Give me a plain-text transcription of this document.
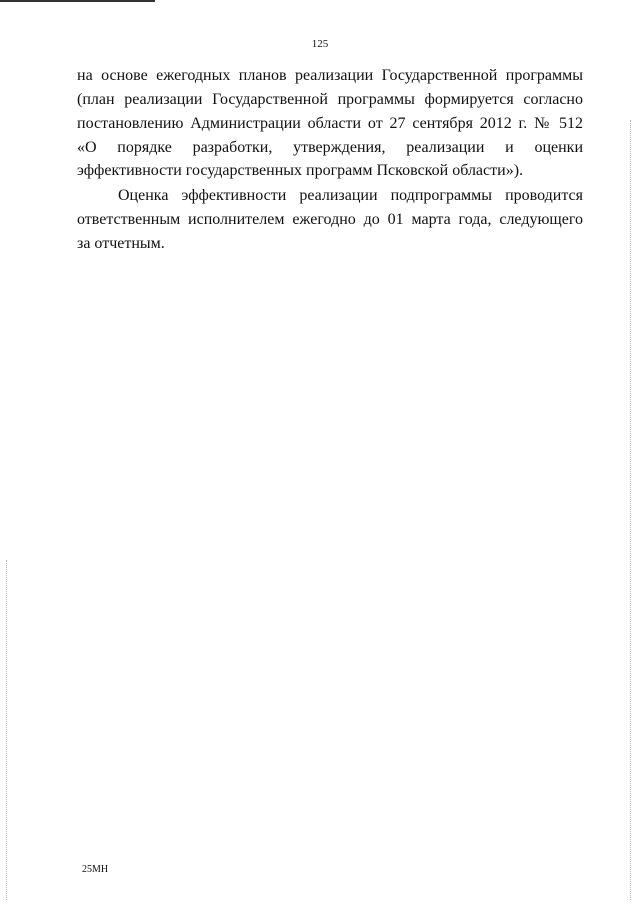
125
на основе ежегодных планов реализации Государственной программы
(план реализации Государственной программы формируется согласно
постановлению Администрации области от 27 сентября 2012 г. № 512
«О порядке разработки, утверждения, реализации и оценки
эффективности государственных программ Псковской области»).
Оценка эффективности реализации подпрограммы проводится
ответственным исполнителем ежегодно до 01 марта года, следующего
за отчетным.
25МН
